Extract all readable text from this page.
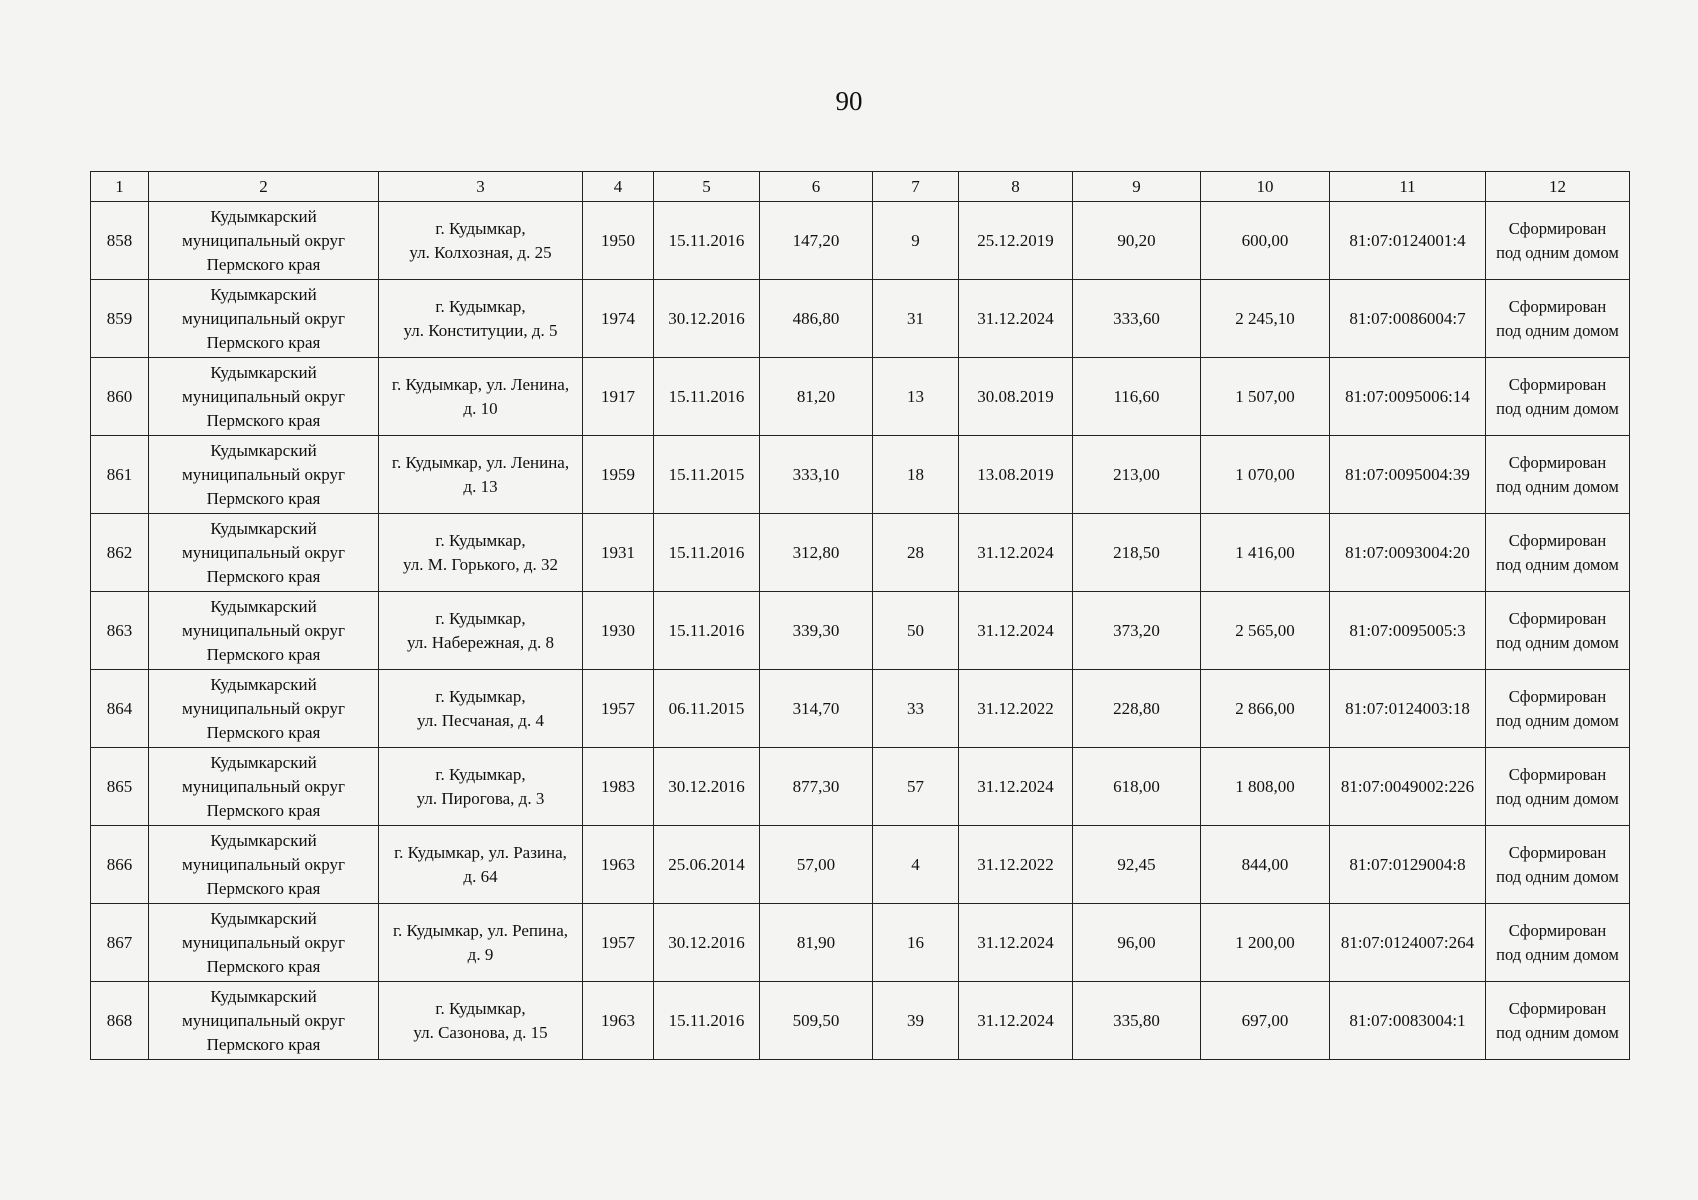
90
1	2	3	4	5	6	7	8	9	10	11	12
858	Кудымкарский
муниципальный округ
Пермского края	г. Кудымкар,
ул. Колхозная, д. 25	1950	15.11.2016	147,20	9	25.12.2019	90,20	600,00	81:07:0124001:4	Сформирован
под одним домом

859	Кудымкарский
муниципальный округ
Пермского края	г. Кудымкар,
ул. Конституции, д. 5	1974	30.12.2016	486,80	31	31.12.2024	333,60	2 245,10	81:07:0086004:7	Сформирован
под одним домом

860	Кудымкарский
муниципальный округ
Пермского края	г. Кудымкар, ул. Ленина,
д. 10	1917	15.11.2016	81,20	13	30.08.2019	116,60	1 507,00	81:07:0095006:14	Сформирован
под одним домом

861	Кудымкарский
муниципальный округ
Пермского края	г. Кудымкар, ул. Ленина,
д. 13	1959	15.11.2015	333,10	18	13.08.2019	213,00	1 070,00	81:07:0095004:39	Сформирован
под одним домом

862	Кудымкарский
муниципальный округ
Пермского края	г. Кудымкар,
ул. М. Горького, д. 32	1931	15.11.2016	312,80	28	31.12.2024	218,50	1 416,00	81:07:0093004:20	Сформирован
под одним домом

863	Кудымкарский
муниципальный округ
Пермского края	г. Кудымкар,
ул. Набережная, д. 8	1930	15.11.2016	339,30	50	31.12.2024	373,20	2 565,00	81:07:0095005:3	Сформирован
под одним домом

864	Кудымкарский
муниципальный округ
Пермского края	г. Кудымкар,
ул. Песчаная, д. 4	1957	06.11.2015	314,70	33	31.12.2022	228,80	2 866,00	81:07:0124003:18	Сформирован
под одним домом

865	Кудымкарский
муниципальный округ
Пермского края	г. Кудымкар,
ул. Пирогова, д. 3	1983	30.12.2016	877,30	57	31.12.2024	618,00	1 808,00	81:07:0049002:226	Сформирован
под одним домом

866	Кудымкарский
муниципальный округ
Пермского края	г. Кудымкар, ул. Разина,
д. 64	1963	25.06.2014	57,00	4	31.12.2022	92,45	844,00	81:07:0129004:8	Сформирован
под одним домом

867	Кудымкарский
муниципальный округ
Пермского края	г. Кудымкар, ул. Репина,
д. 9	1957	30.12.2016	81,90	16	31.12.2024	96,00	1 200,00	81:07:0124007:264	Сформирован
под одним домом

868	Кудымкарский
муниципальный округ
Пермского края	г. Кудымкар,
ул. Сазонова, д. 15	1963	15.11.2016	509,50	39	31.12.2024	335,80	697,00	81:07:0083004:1	Сформирован
под одним домом
